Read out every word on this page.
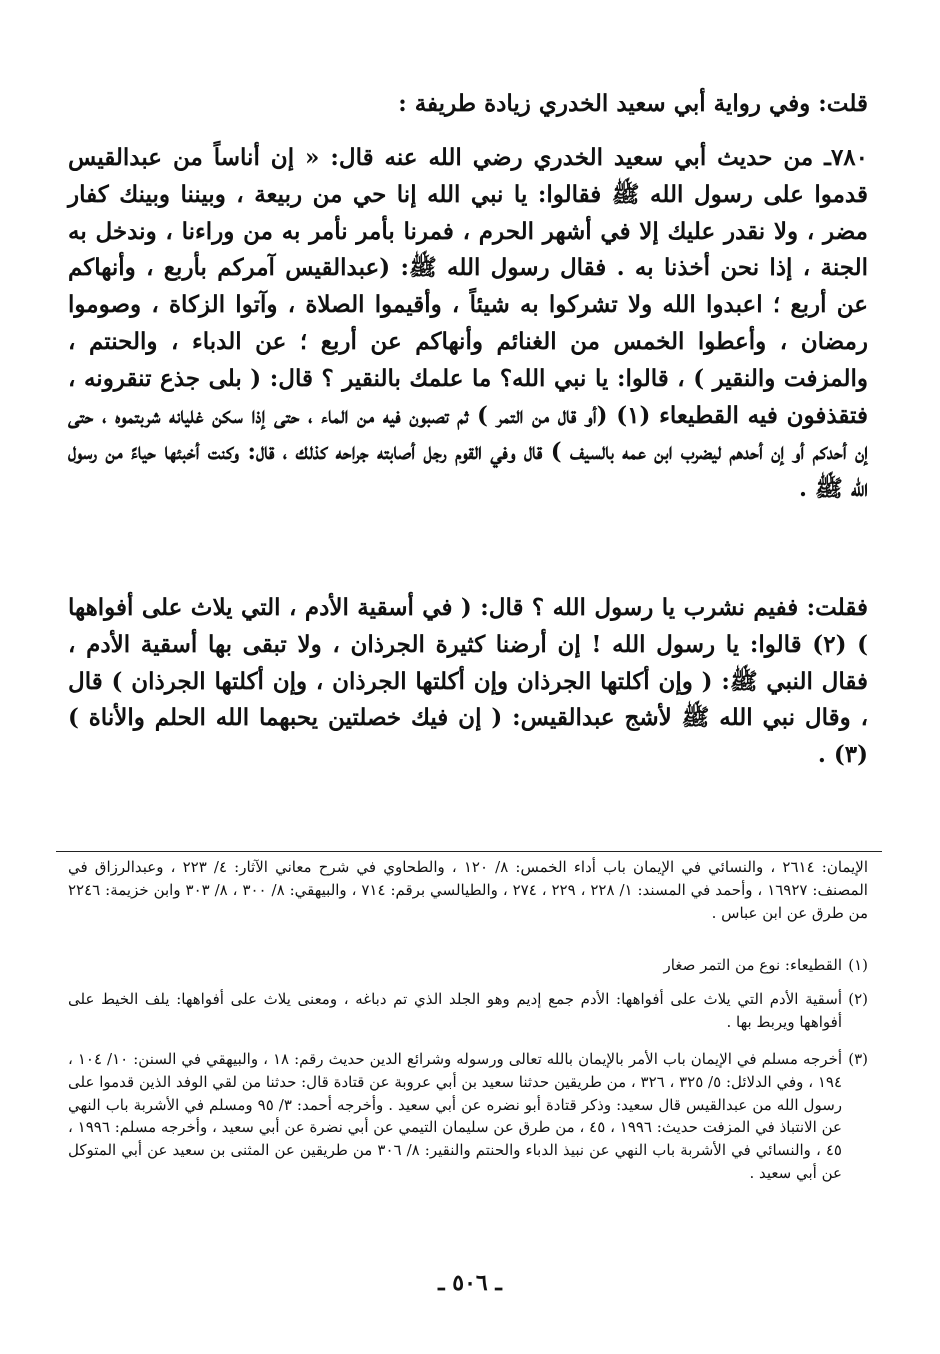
قلت: وفي رواية أبي سعيد الخدري زيادة طريفة :

٧٨٠ـ من حديث أبي سعيد الخدري رضي الله عنه قال: « إن أناساً من عبدالقيس قدموا على رسول الله ﷺ فقالوا: يا نبي الله إنا حي من ربيعة ، وبيننا وبينك كفار مضر ، ولا نقدر عليك إلا في أشهر الحرم ، فمرنا بأمر نأمر به من وراءنا ، وندخل به الجنة ، إذا نحن أخذنا به . فقال رسول الله ﷺ: (عبدالقيس آمركم بأربع ، وأنهاكم عن أربع ؛ اعبدوا الله ولا تشركوا به شيئاً ، وأقيموا الصلاة ، وآتوا الزكاة ، وصوموا رمضان ، وأعطوا الخمس من الغنائم وأنهاكم عن أربع ؛ عن الدباء ، والحنتم ، والمزفت والنقير ) ، قالوا: يا نبي الله؟ ما علمك بالنقير ؟ قال: ( بلى جذع تنقرونه ، فتقذفون فيه القطيعاء (١) (أو قال من التمر ) ثم تصبون فيه من الماء ، حتى إذا سكن غليانه شربتموه ، حتى إن أحدكم أو إن أحدهم ليضرب ابن عمه بالسيف ) قال وفي القوم رجل أصابته جراحه كذلك ، قال: وكنت أخبئها حياءً من رسول الله ﷺ .

فقلت: ففيم نشرب يا رسول الله ؟ قال: ( في أسقية الأدم ، التي يلاث على أفواهها ) (٢) قالوا: يا رسول الله ! إن أرضنا كثيرة الجرذان ، ولا تبقى بها أسقية الأدم ، فقال النبي ﷺ: ( وإن أكلتها الجرذان وإن أكلتها الجرذان ، وإن أكلتها الجرذان ) قال ، وقال نبي الله ﷺ لأشج عبدالقيس: ( إن فيك خصلتين يحبهما الله الحلم والأناة ) (٣) .

الإيمان: ٢٦١٤ ، والنسائي في الإيمان باب أداء الخمس: ٨/ ١٢٠ ، والطحاوي في شرح معاني الآثار: ٤/ ٢٢٣ ، وعبدالرزاق في المصنف: ١٦٩٢٧ ، وأحمد في المسند: ١/ ٢٢٨ ، ٢٢٩ ، ٢٧٤ ، والطيالسي برقم: ٧١٤ ، والبيهقي: ٨/ ٣٠٠ ، ٨/ ٣٠٣ وابن خزيمة: ٢٢٤٦ من طرق عن ابن عباس .

(١)
القطيعاء: نوع من التمر صغار
(٢)
أسقية الأدم التي يلاث على أفواهها: الأدم جمع إديم وهو الجلد الذي تم دباغه ، ومعنى يلاث على أفواهها: يلف الخيط على أفواهها ويربط بها .
(٣)
أخرجه مسلم في الإيمان باب الأمر بالإيمان بالله تعالى ورسوله وشرائع الدين حديث رقم: ١٨ ، والبيهقي في السنن: ١٠/ ١٠٤ ، ١٩٤ ، وفي الدلائل: ٥/ ٣٢٥ ، ٣٢٦ ، من طريقين حدثنا سعيد بن أبي عروبة عن قتادة قال: حدثنا من لقي الوفد الذين قدموا على رسول الله من عبدالقيس قال سعيد: وذكر قتادة أبو نضره عن أبي سعيد . وأخرجه أحمد: ٣/ ٩٥ ومسلم في الأشربة باب النهي عن الانتباذ في المزفت حديث: ١٩٩٦ ، ٤٥ ، من طرق عن سليمان التيمي عن أبي نضرة عن أبي سعيد ، وأخرجه مسلم: ١٩٩٦ ، ٤٥ ، والنسائي في الأشربة باب النهي عن نبيذ الدباء والحنتم والنقير: ٨/ ٣٠٦ من طريقين عن المثنى بن سعيد عن أبي المتوكل عن أبي سعيد .
ـ ٥٠٦ ـ
